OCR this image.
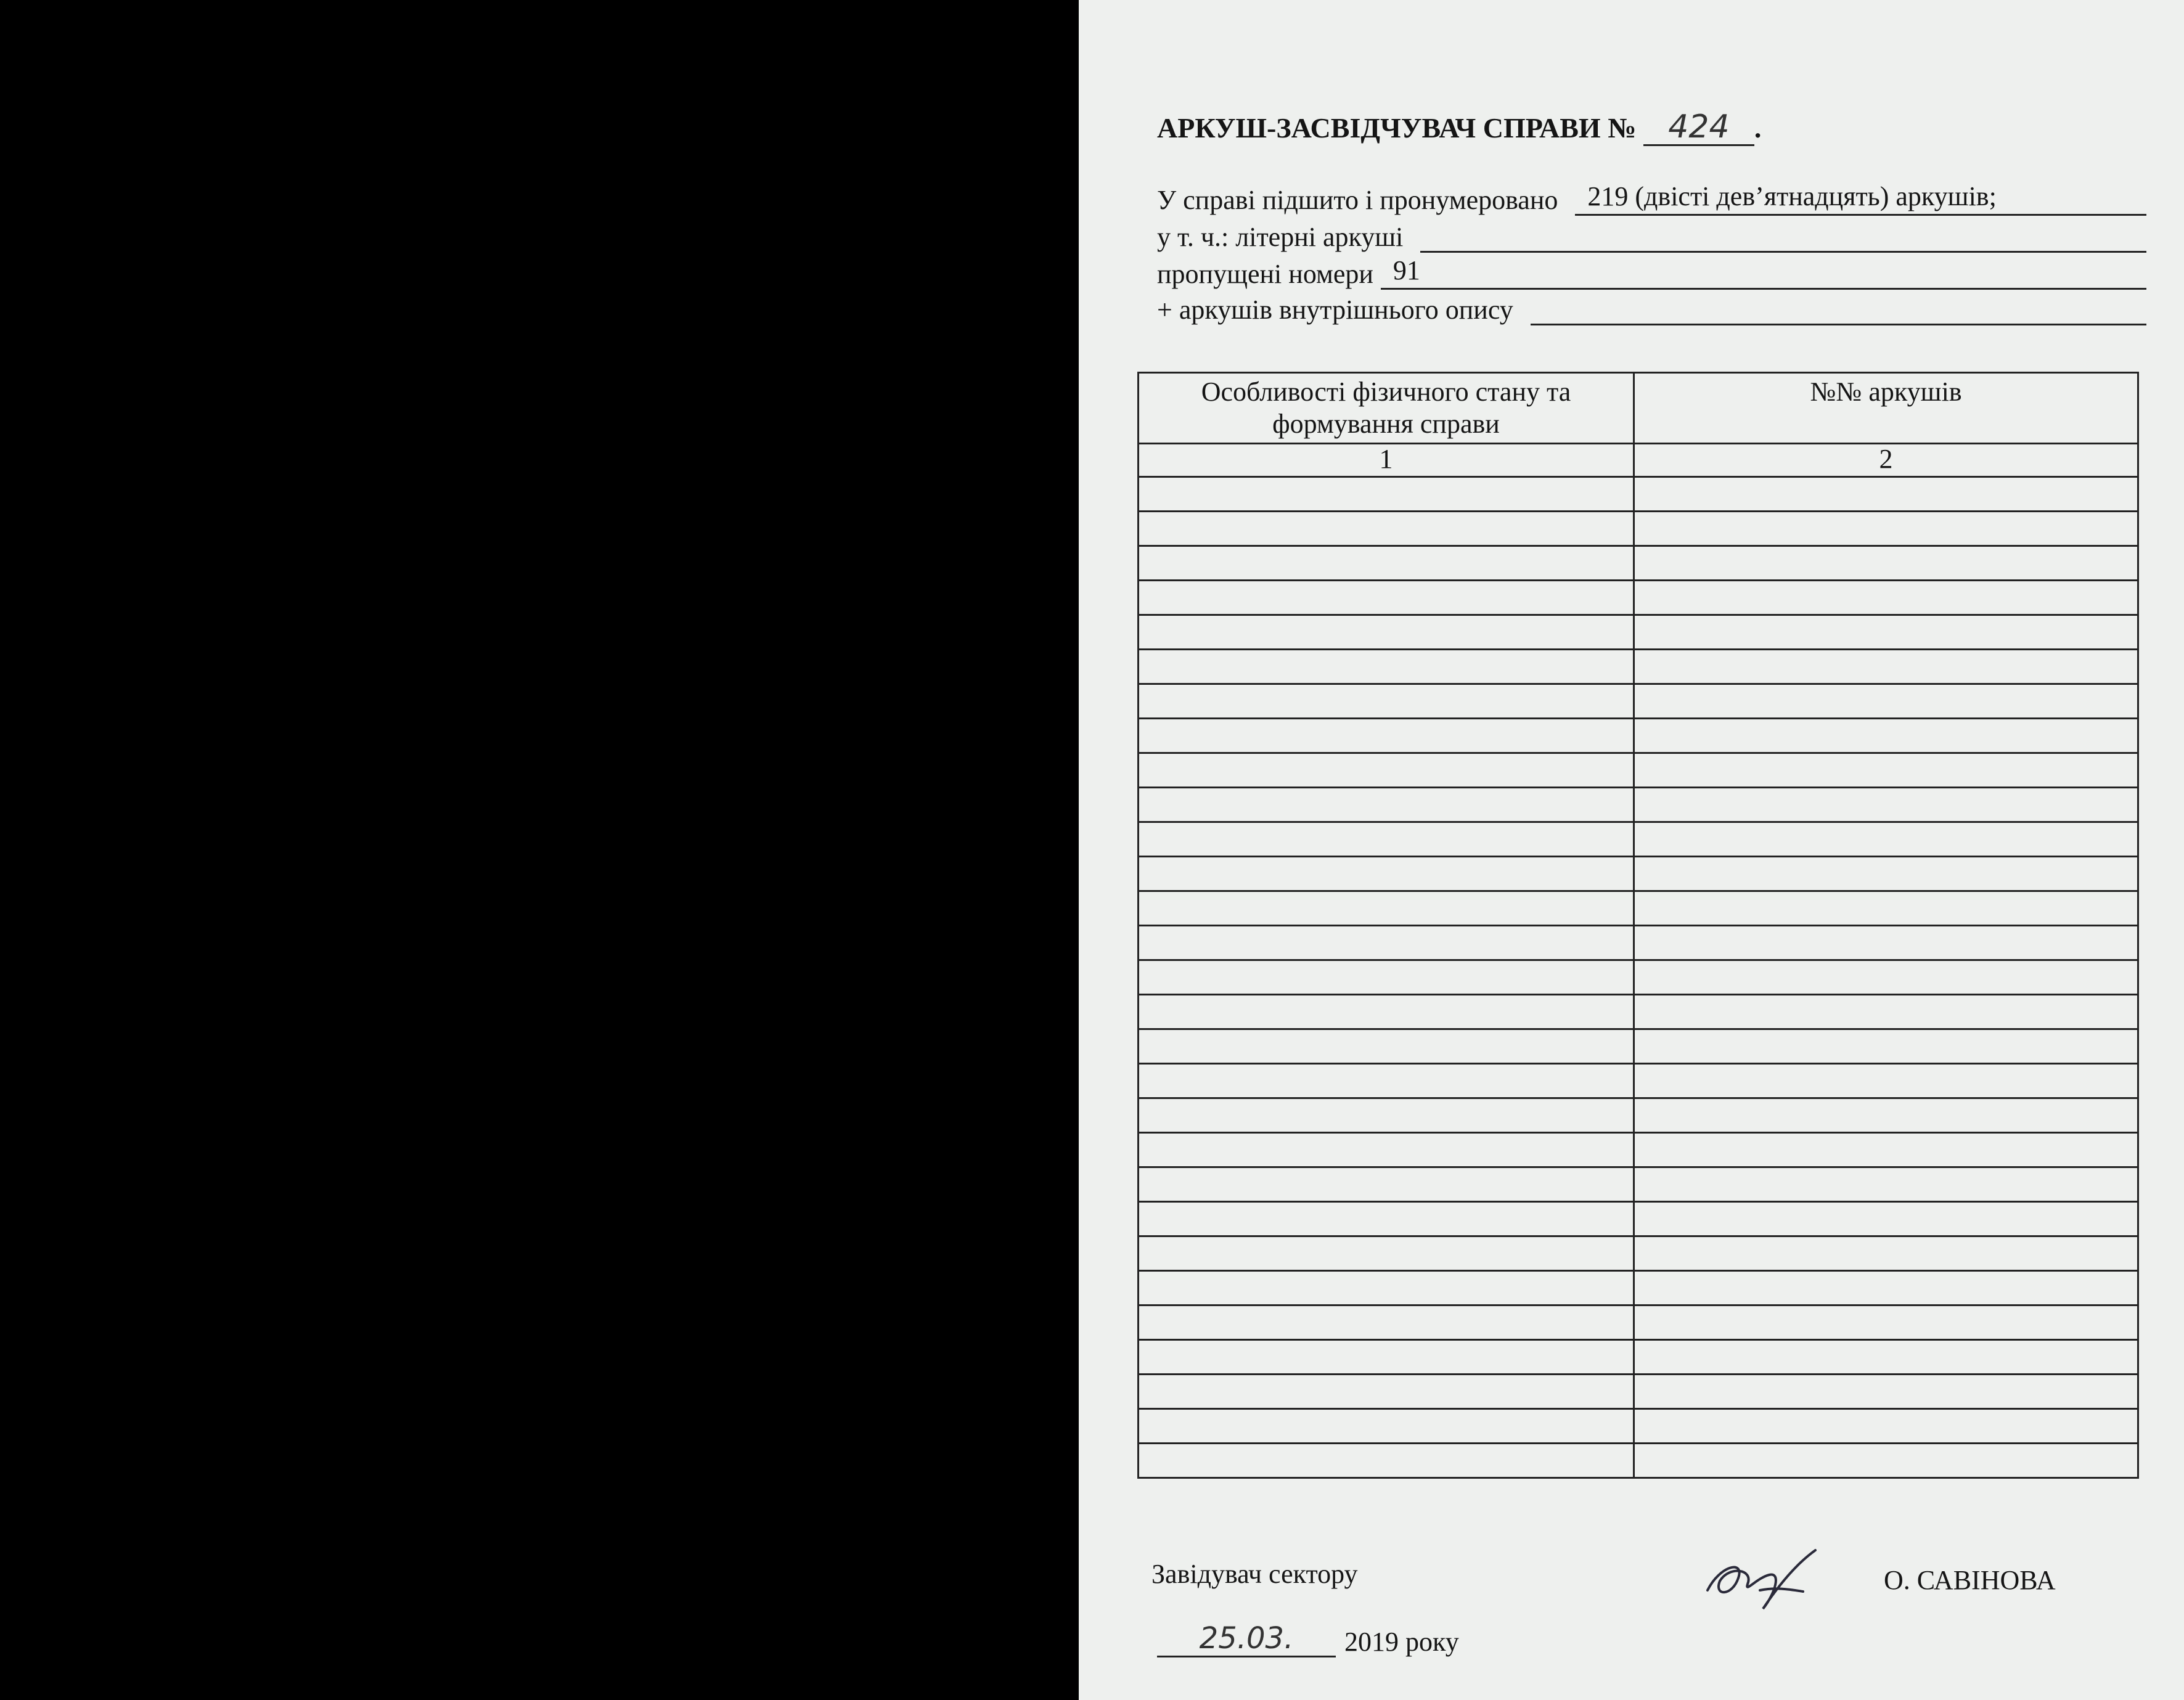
АРКУШ-ЗАСВІДЧУВАЧ СПРАВИ № 424 .
У справі підшито і пронумеровано	219 (двісті дев’ятнадцять) аркушів;
у т. ч.: літерні аркуші
пропущені номери 91
+ аркушів внутрішнього опису
Особливості фізичного стану та формування справи	№№ аркушів
1	2

Завідувач сектору	О. САВІНОВА
25.03.	2019 року
